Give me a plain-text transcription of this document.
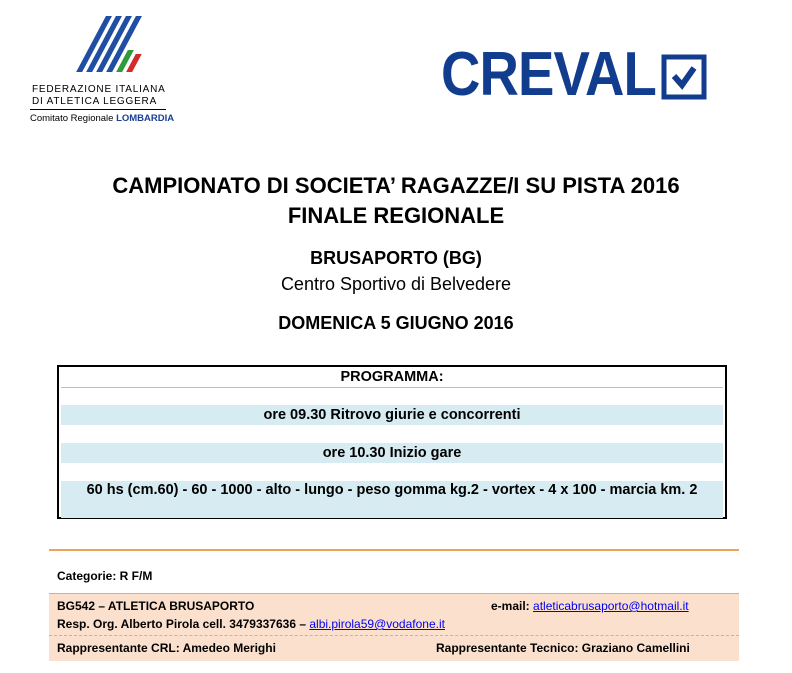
FEDERAZIONE ITALIANA
DI ATLETICA LEGGERA
Comitato Regionale LOMBARDIA
CREVAL
CAMPIONATO DI SOCIETA’ RAGAZZE/I SU PISTA 2016
FINALE REGIONALE
BRUSAPORTO (BG)
Centro Sportivo di Belvedere
DOMENICA 5 GIUGNO 2016
PROGRAMMA:
ore 09.30 Ritrovo giurie e concorrenti
ore 10.30 Inizio gare
60 hs (cm.60) - 60 - 1000 - alto - lungo - peso gomma kg.2 - vortex - 4 x 100 - marcia km. 2
Categorie: R F/M
BG542 – ATLETICA BRUSAPORTO	e-mail: atleticabrusaporto@hotmail.it
Resp. Org. Alberto Pirola cell. 3479337636 – albi.pirola59@vodafone.it
Rappresentante CRL: Amedeo Merighi	Rappresentante Tecnico: Graziano Camellini
